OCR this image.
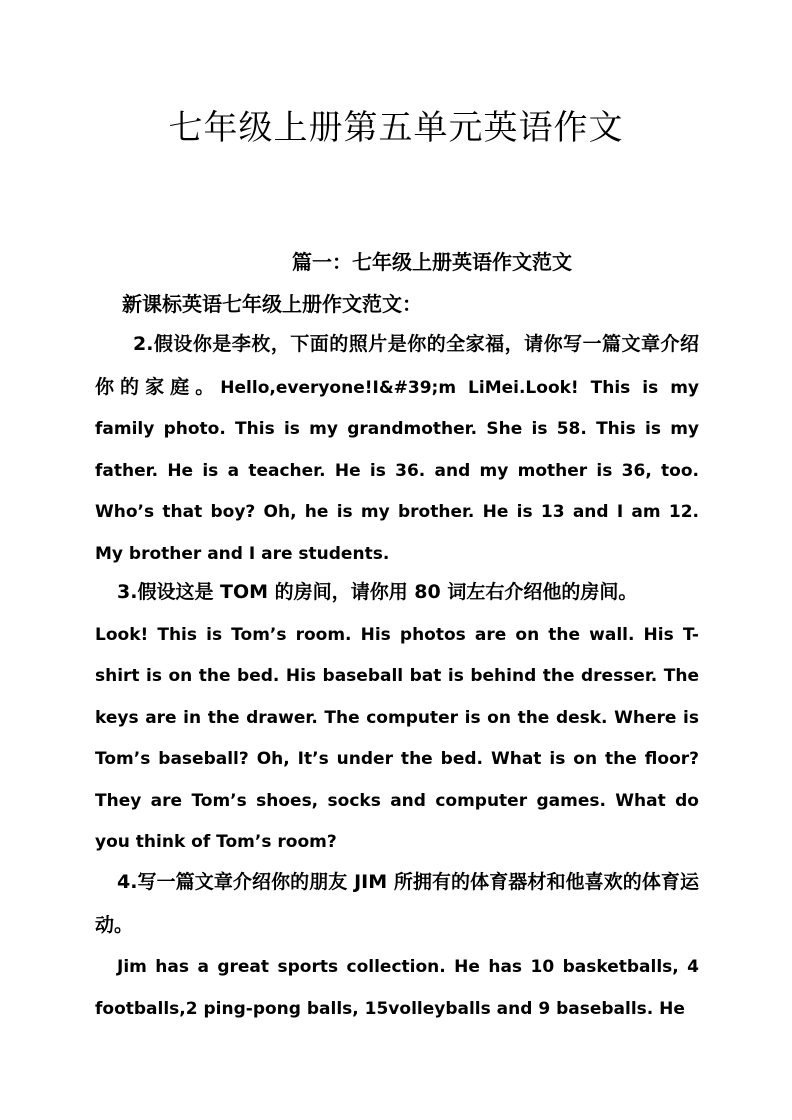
七年级上册第五单元英语作文
篇一：七年级上册英语作文范文
新课标英语七年级上册作文范文：
2.假设你是李枚，下面的照片是你的全家福，请你写一篇文章介绍你的家庭。Hello,everyone!I&#39;m LiMei.Look! This is my family photo. This is my grandmother. She is 58. This is my father. He is a teacher. He is 36. and my mother is 36, too. Who’s that boy? Oh, he is my brother. He is 13 and I am 12. My brother and I are students.
3.假设这是 TOM 的房间，请你用 80 词左右介绍他的房间。
Look! This is Tom’s room. His photos are on the wall. His T-shirt is on the bed. His baseball bat is behind the dresser. The keys are in the drawer. The computer is on the desk. Where is Tom’s baseball? Oh, It’s under the bed. What is on the floor? They are Tom’s shoes, socks and computer games. What do you think of Tom’s room?
4.写一篇文章介绍你的朋友 JIM 所拥有的体育器材和他喜欢的体育运动。
Jim has a great sports collection. He has 10 basketballs, 4 footballs,2 ping-pong balls, 15volleyballs and 9 baseballs. He
